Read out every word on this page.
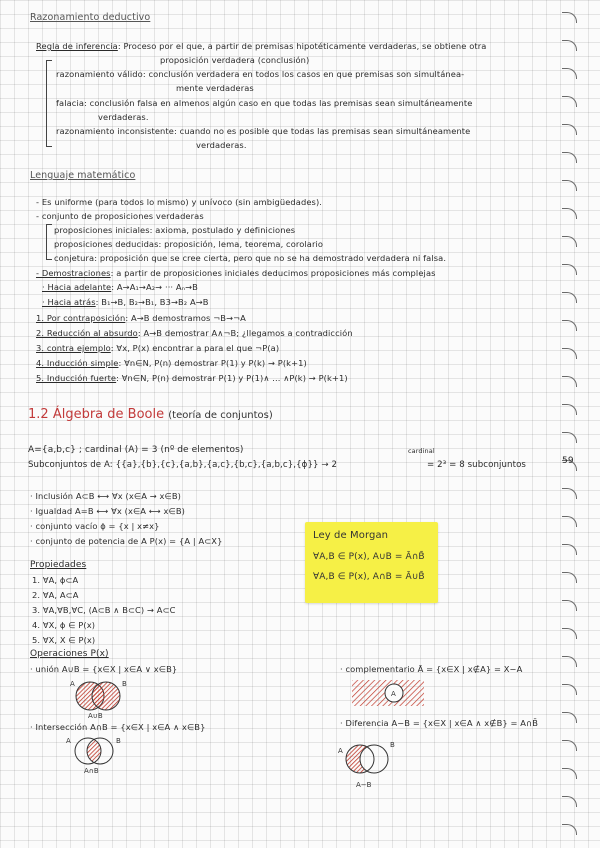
Razonamiento deductivo
Regla de inferencia: Proceso por el que, a partir de premisas hipotéticamente verdaderas, se obtiene otra
proposición verdadera (conclusión)
razonamiento válido: conclusión verdadera en todos los casos en que premisas son simultánea-
mente verdaderas
falacia: conclusión falsa en almenos algún caso en que todas las premisas sean simultáneamente
verdaderas.
razonamiento inconsistente: cuando no es posible que todas las premisas sean simultáneamente
verdaderas.
Lenguaje matemático
- Es uniforme (para todos lo mismo) y unívoco (sin ambigüedades).
- conjunto de proposiciones verdaderas
proposiciones iniciales: axioma, postulado y definiciones
proposiciones deducidas: proposición, lema, teorema, corolario
conjetura: proposición que se cree cierta, pero que no se ha demostrado verdadera ni falsa.
- Demostraciones: a partir de proposiciones iniciales deducimos proposiciones más complejas
· Hacia adelante: A→A₁→A₂→ ··· Aₙ→B
· Hacia atrás: B₁→B, B₂→B₁, B3→B₂ A→B
1. Por contraposición: A→B demostramos ¬B→¬A
2. Reducción al absurdo: A→B demostrar A∧¬B; ¿llegamos a contradicción
3. contra ejemplo: ∀x, P(x) encontrar a para el que ¬P(a)
4. Inducción simple: ∀n∈N, P(n) demostrar P(1) y P(k) → P(k+1)
5. Inducción fuerte: ∀n∈N, P(n) demostrar P(1) y P(1)∧ ... ∧P(k) → P(k+1)
1.2 Álgebra de Boole (teoría de conjuntos)
A={a,b,c} ; cardinal (A) = 3 (nº de elementos)	cardinal
Subconjuntos de A: {{a},{b},{c},{a,b},{a,c},{b,c},{a,b,c},{ϕ}} → 2	= 2³ = 8 subconjuntos	59
· Inclusión A⊂B ⟷ ∀x (x∈A → x∈B)
· Igualdad A=B ⟷ ∀x (x∈A ⟷ x∈B)
· conjunto vacío ϕ = {x | x≠x}
· conjunto de potencia de A P(x) = {A | A⊂X}	Ley de Morgan
∀A,B ∈ P(x), A∪B = Ā∩B̄
∀A,B ∈ P(x), A∩B = Ā∪B̄
Propiedades
1. ∀A, ϕ⊂A
2. ∀A, A⊂A
3. ∀A,∀B,∀C, (A⊂B ∧ B⊂C) → A⊂C
4. ∀X, ϕ ∈ P(x)
5. ∀X, X ∈ P(x)
Operaciones P(x)
· unión A∪B = {x∈X | x∈A ∨ x∈B}	· complementario Ā = {x∈X | x∉A} = X−A
· Intersección A∩B = {x∈X | x∈A ∧ x∈B}	· Diferencia A−B = {x∈X | x∈A ∧ x∉B} = A∩B̄
A	B
A∪B
A
A	B
A∩B
A
B
A−B
